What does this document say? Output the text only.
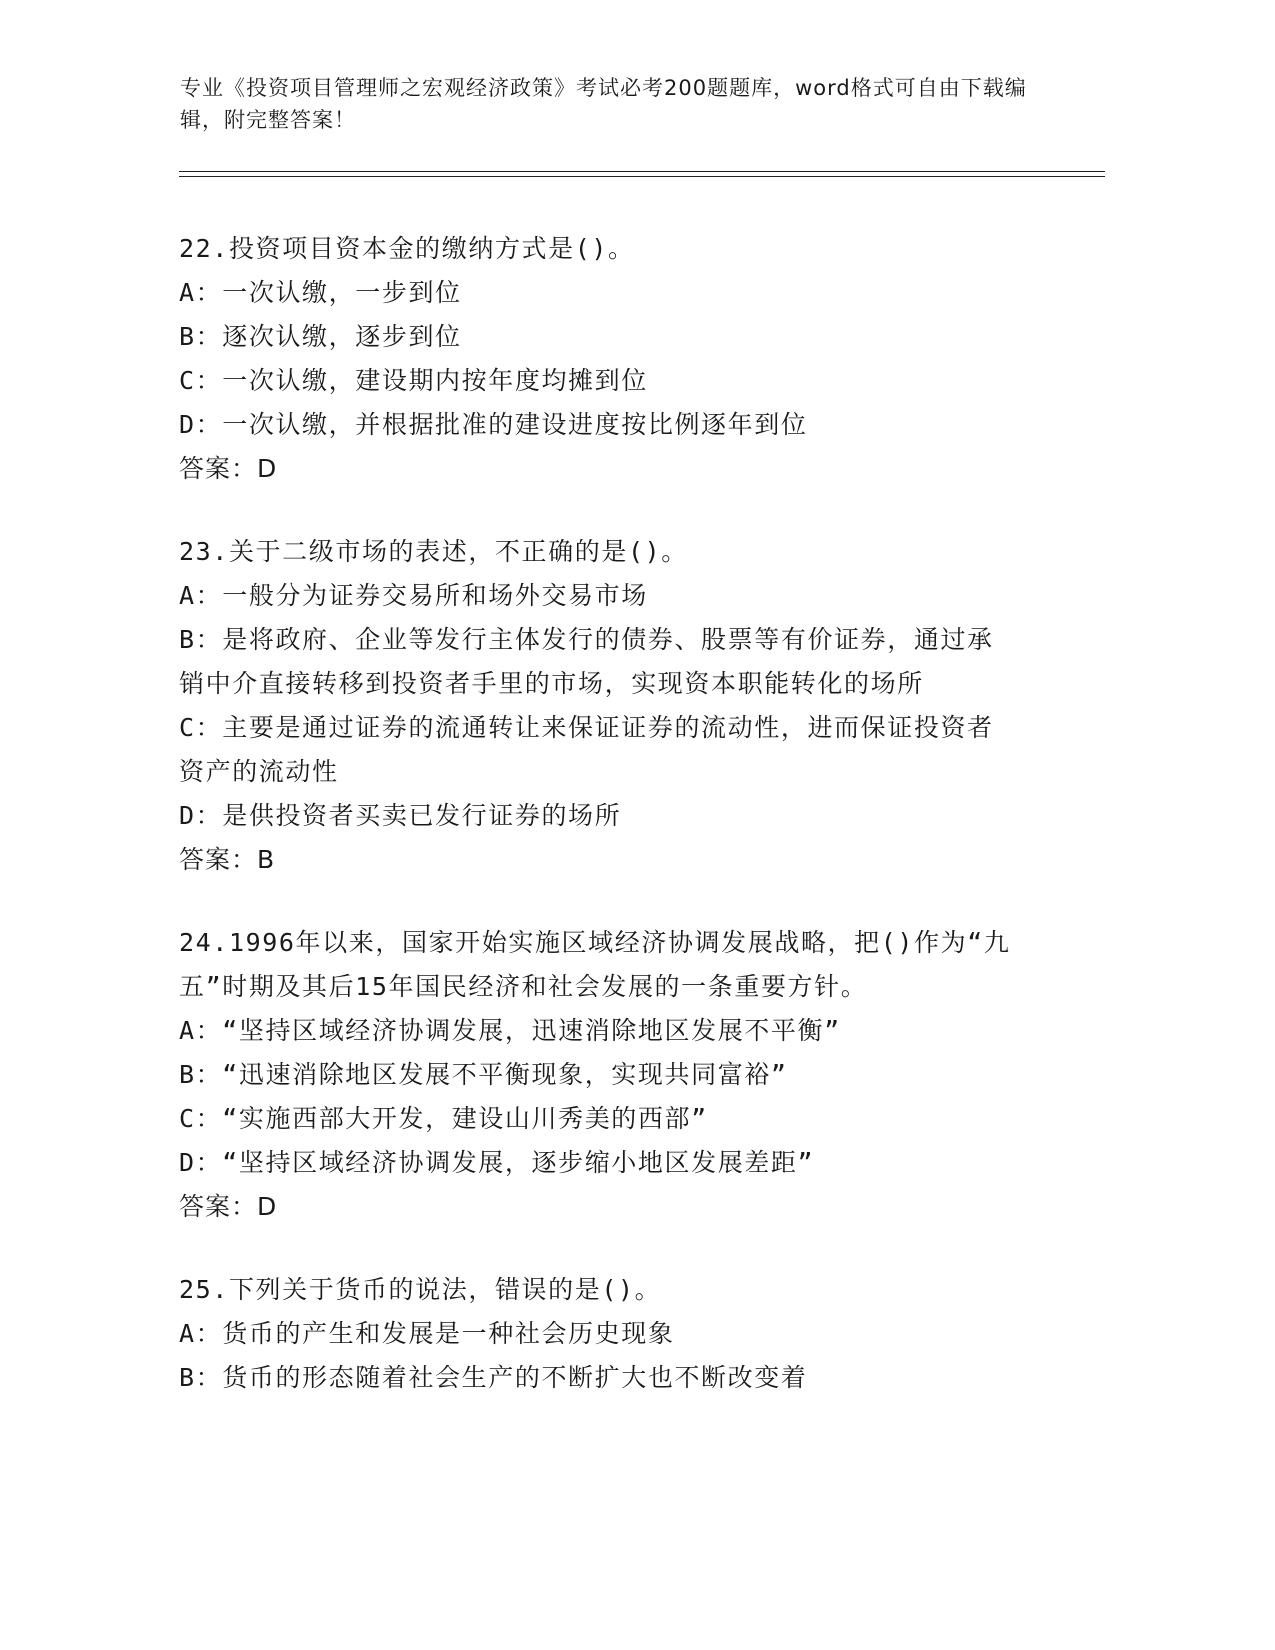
专业《投资项目管理师之宏观经济政策》考试必考200题题库，word格式可自由下载编辑，附完整答案！
22.投资项目资本金的缴纳方式是()。
A：一次认缴，一步到位
B：逐次认缴，逐步到位
C：一次认缴，建设期内按年度均摊到位
D：一次认缴，并根据批准的建设进度按比例逐年到位
答案：D
23.关于二级市场的表述，不正确的是()。
A：一般分为证券交易所和场外交易市场
B：是将政府、企业等发行主体发行的债券、股票等有价证券，通过承
销中介直接转移到投资者手里的市场，实现资本职能转化的场所
C：主要是通过证券的流通转让来保证证券的流动性，进而保证投资者
资产的流动性
D：是供投资者买卖已发行证券的场所
答案：B
24.1996年以来，国家开始实施区域经济协调发展战略，把()作为“九
五”时期及其后15年国民经济和社会发展的一条重要方针。
A：“坚持区域经济协调发展，迅速消除地区发展不平衡”
B：“迅速消除地区发展不平衡现象，实现共同富裕”
C：“实施西部大开发，建设山川秀美的西部”
D：“坚持区域经济协调发展，逐步缩小地区发展差距”
答案：D
25.下列关于货币的说法，错误的是()。
A：货币的产生和发展是一种社会历史现象
B：货币的形态随着社会生产的不断扩大也不断改变着
